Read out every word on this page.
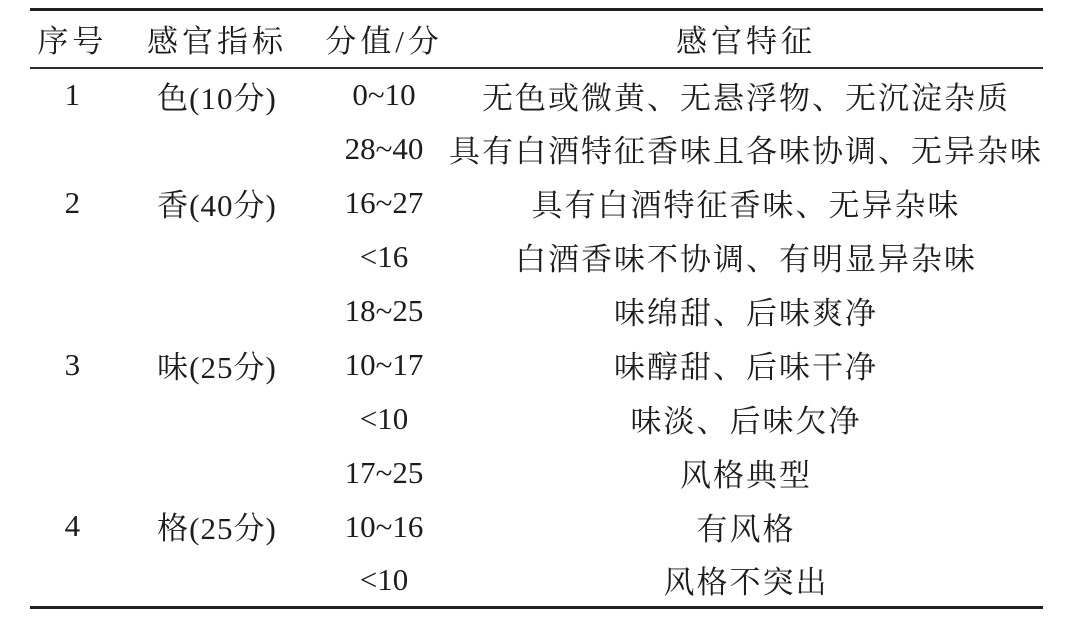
序号	感官指标	分值/分	感官特征
1	色(10分)	0~10	无色或微黄、无悬浮物、无沉淀杂质
2	香(40分)	28~40	具有白酒特征香味且各味协调、无异杂味
		16~27	具有白酒特征香味、无异杂味
		<16	白酒香味不协调、有明显异杂味
3	味(25分)	18~25	味绵甜、后味爽净
		10~17	味醇甜、后味干净
		<10	味淡、后味欠净
4	格(25分)	17~25	风格典型
		10~16	有风格
		<10	风格不突出
